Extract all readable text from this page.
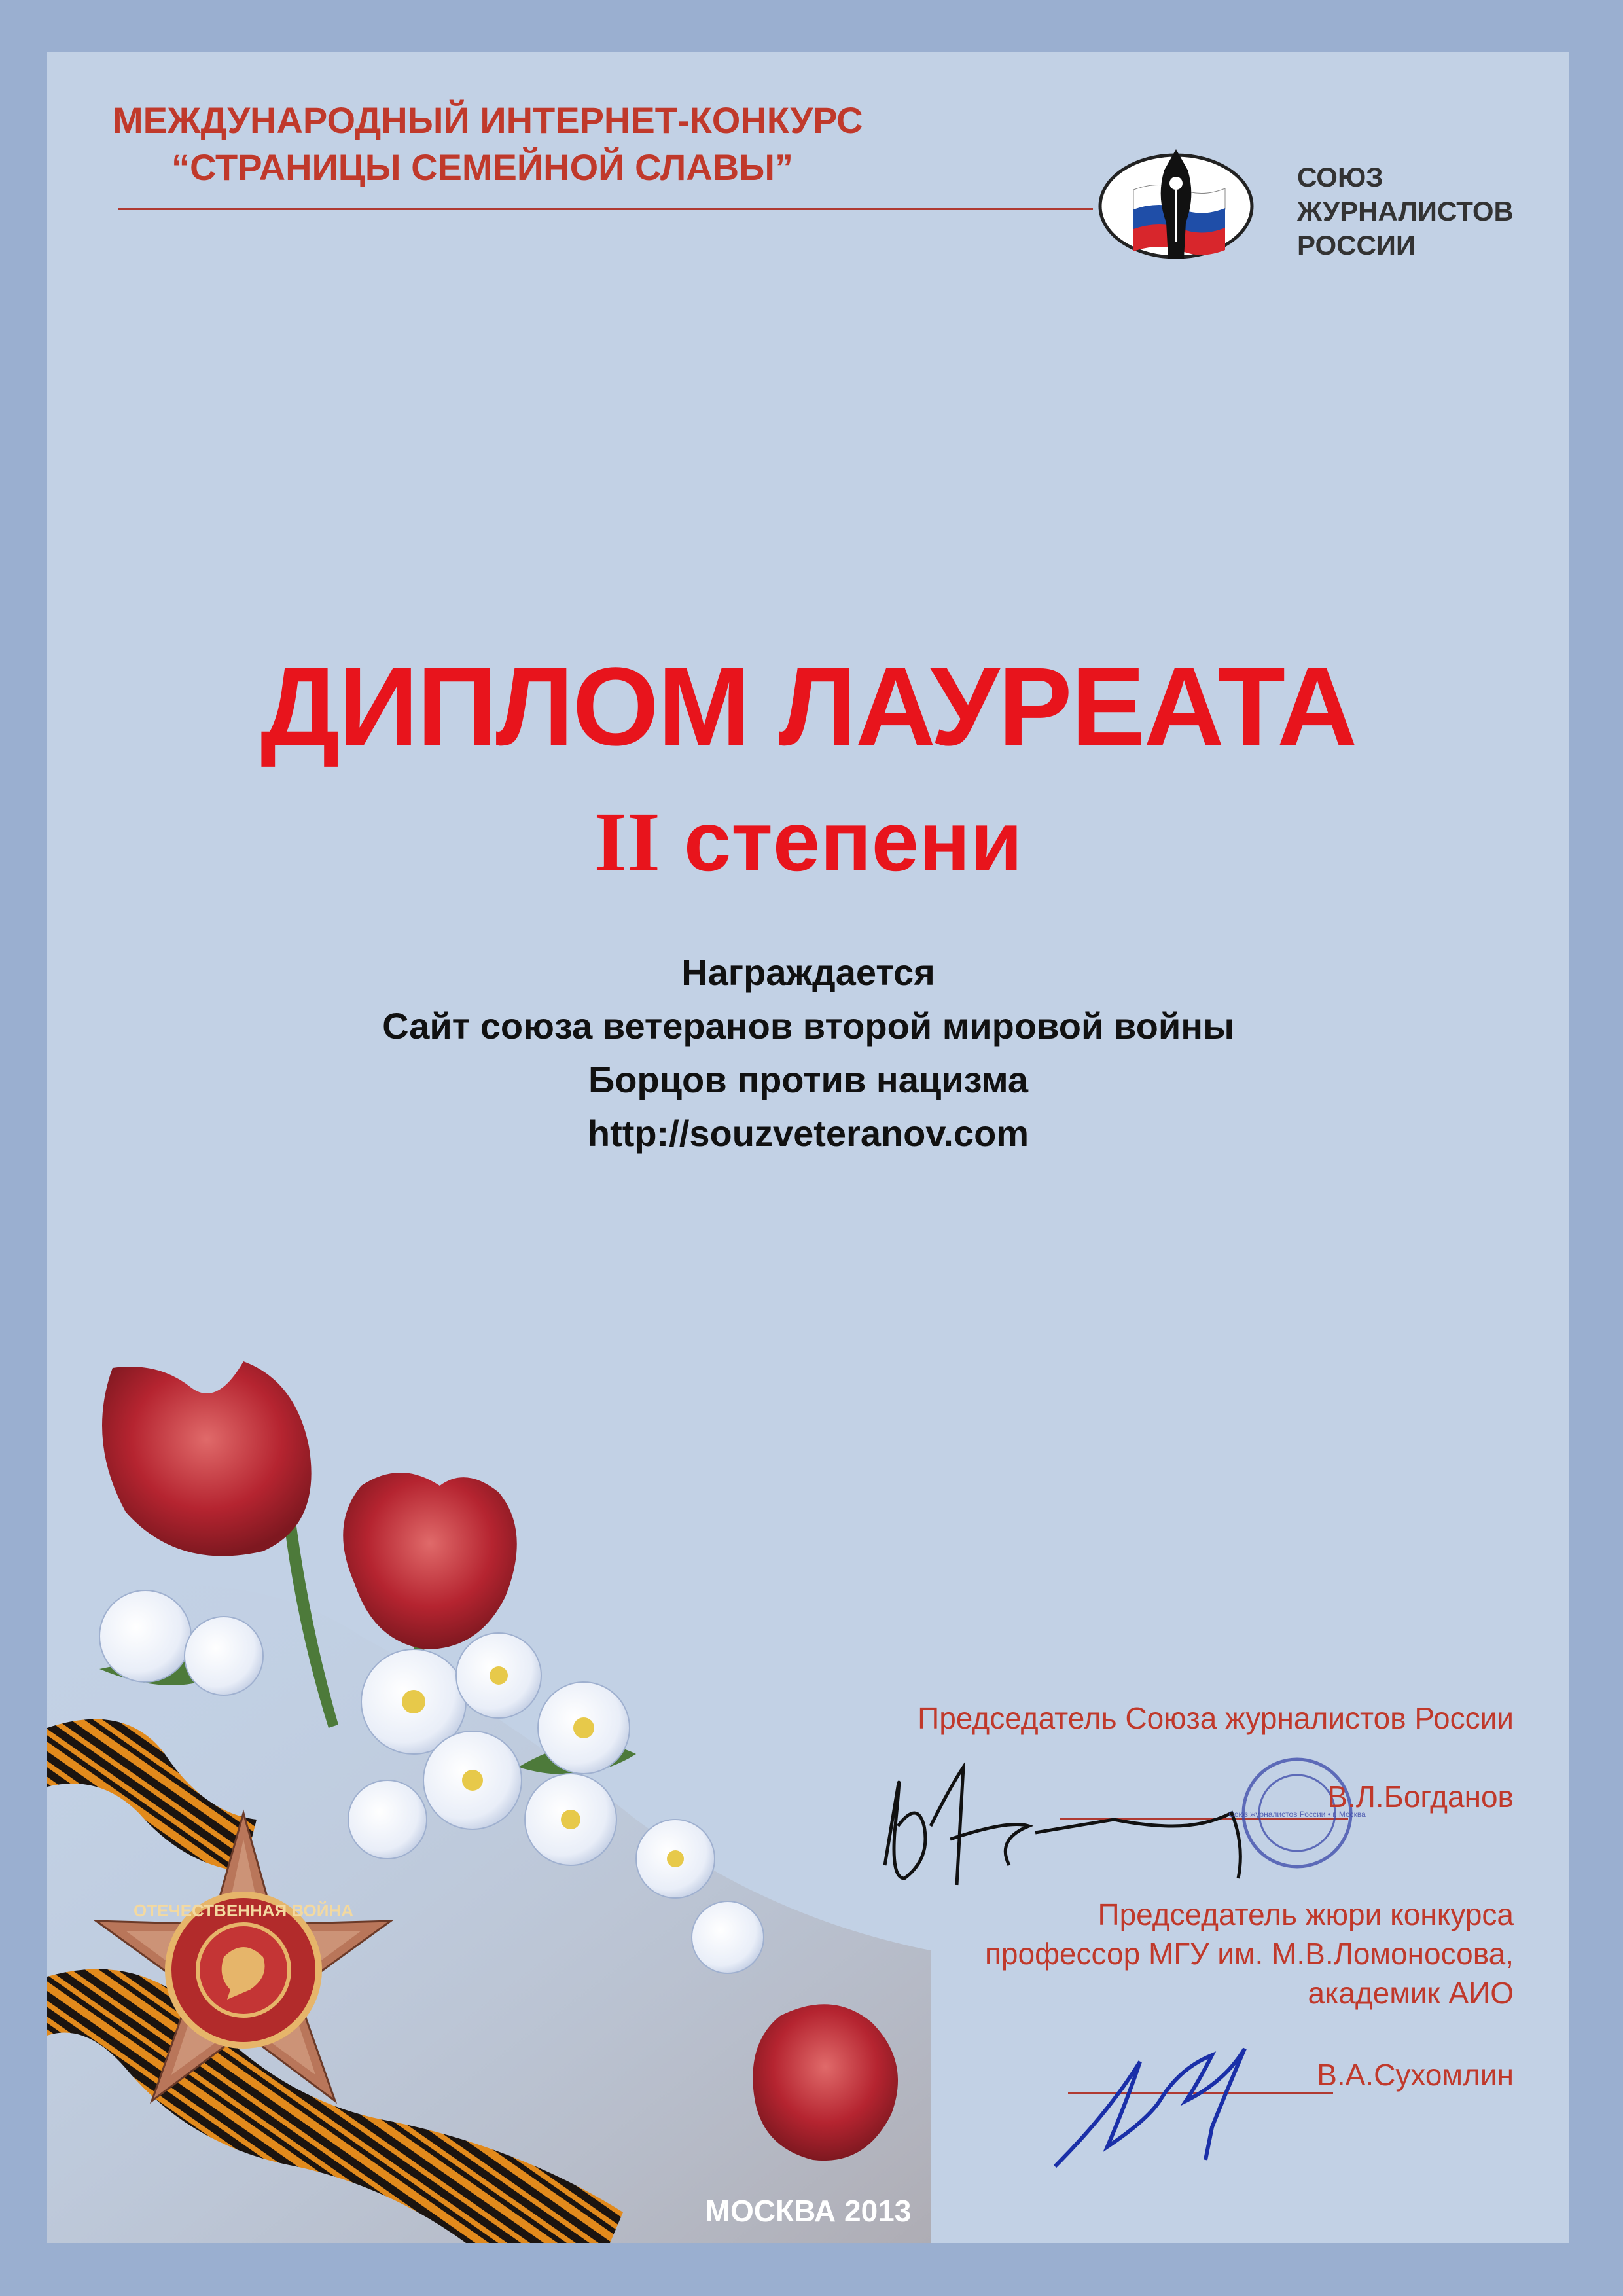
МЕЖДУНАРОДНЫЙ ИНТЕРНЕТ-КОНКУРС
“СТРАНИЦЫ СЕМЕЙНОЙ СЛАВЫ”	СОЮЗ
ЖУРНАЛИСТОВ
РОССИИ
ДИПЛОМ ЛАУРЕАТА
II степени
Награждается
Сайт союза ветеранов второй мировой войны
Борцов против нацизма
http://souzveteranov.com
ОТЕЧЕСТВЕННАЯ ВОЙНА
Председатель Союза журналистов России
Союз журналистов России • г. Москва
В.Л.Богданов
Председатель жюри конкурса
профессор МГУ им. М.В.Ломоносова,
академик АИО
В.А.Сухомлин
МОСКВА 2013
